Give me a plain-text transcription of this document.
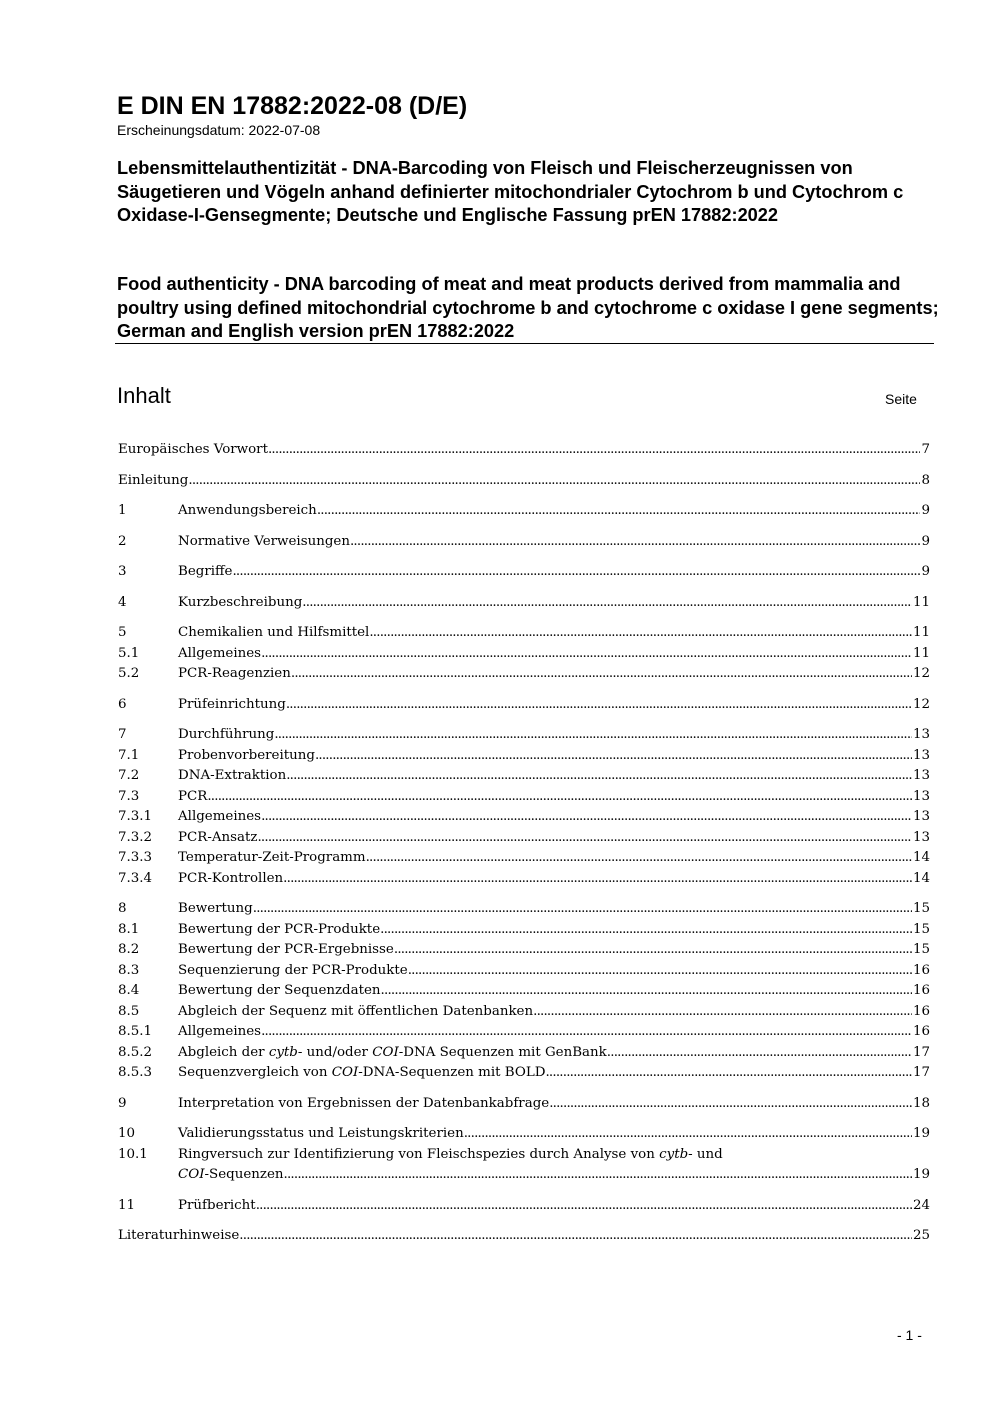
E DIN EN 17882:2022-08 (D/E)
Erscheinungsdatum: 2022-07-08
Lebensmittelauthentizität - DNA-Barcoding von Fleisch und Fleischerzeugnissen von Säugetieren und Vögeln anhand definierter mitochondrialer Cytochrom b und Cytochrom c Oxidase-I-Gensegmente; Deutsche und Englische Fassung prEN 17882:2022
Food authenticity - DNA barcoding of meat and meat products derived from mammalia and poultry using defined mitochondrial cytochrome b and cytochrome c oxidase I gene segments; German and English version prEN 17882:2022
Inhalt	Seite
Europäisches Vorwort .....	7
Einleitung .....	8
1	Anwendungsbereich .....	9
2	Normative Verweisungen .....	9
3	Begriffe .....	9
4	Kurzbeschreibung .....	11
5	Chemikalien und Hilfsmittel .....	11
5.1	Allgemeines .....	11
5.2	PCR-Reagenzien .....	12
6	Prüfeinrichtung .....	12
7	Durchführung .....	13
7.1	Probenvorbereitung .....	13
7.2	DNA-Extraktion .....	13
7.3	PCR .....	13
7.3.1	Allgemeines .....	13
7.3.2	PCR-Ansatz .....	13
7.3.3	Temperatur-Zeit-Programm .....	14
7.3.4	PCR-Kontrollen .....	14
8	Bewertung .....	15
8.1	Bewertung der PCR-Produkte .....	15
8.2	Bewertung der PCR-Ergebnisse .....	15
8.3	Sequenzierung der PCR-Produkte .....	16
8.4	Bewertung der Sequenzdaten .....	16
8.5	Abgleich der Sequenz mit öffentlichen Datenbanken .....	16
8.5.1	Allgemeines .....	16
8.5.2	Abgleich der cytb- und/oder COI-DNA Sequenzen mit GenBank .....	17
8.5.3	Sequenzvergleich von COI-DNA-Sequenzen mit BOLD .....	17
9	Interpretation von Ergebnissen der Datenbankabfrage .....	18
10	Validierungsstatus und Leistungskriterien .....	19
10.1	Ringversuch zur Identifizierung von Fleischspezies durch Analyse von cytb- und
COI-Sequenzen .....	19
11	Prüfbericht .....	24
Literaturhinweise .....	25
- 1 -
